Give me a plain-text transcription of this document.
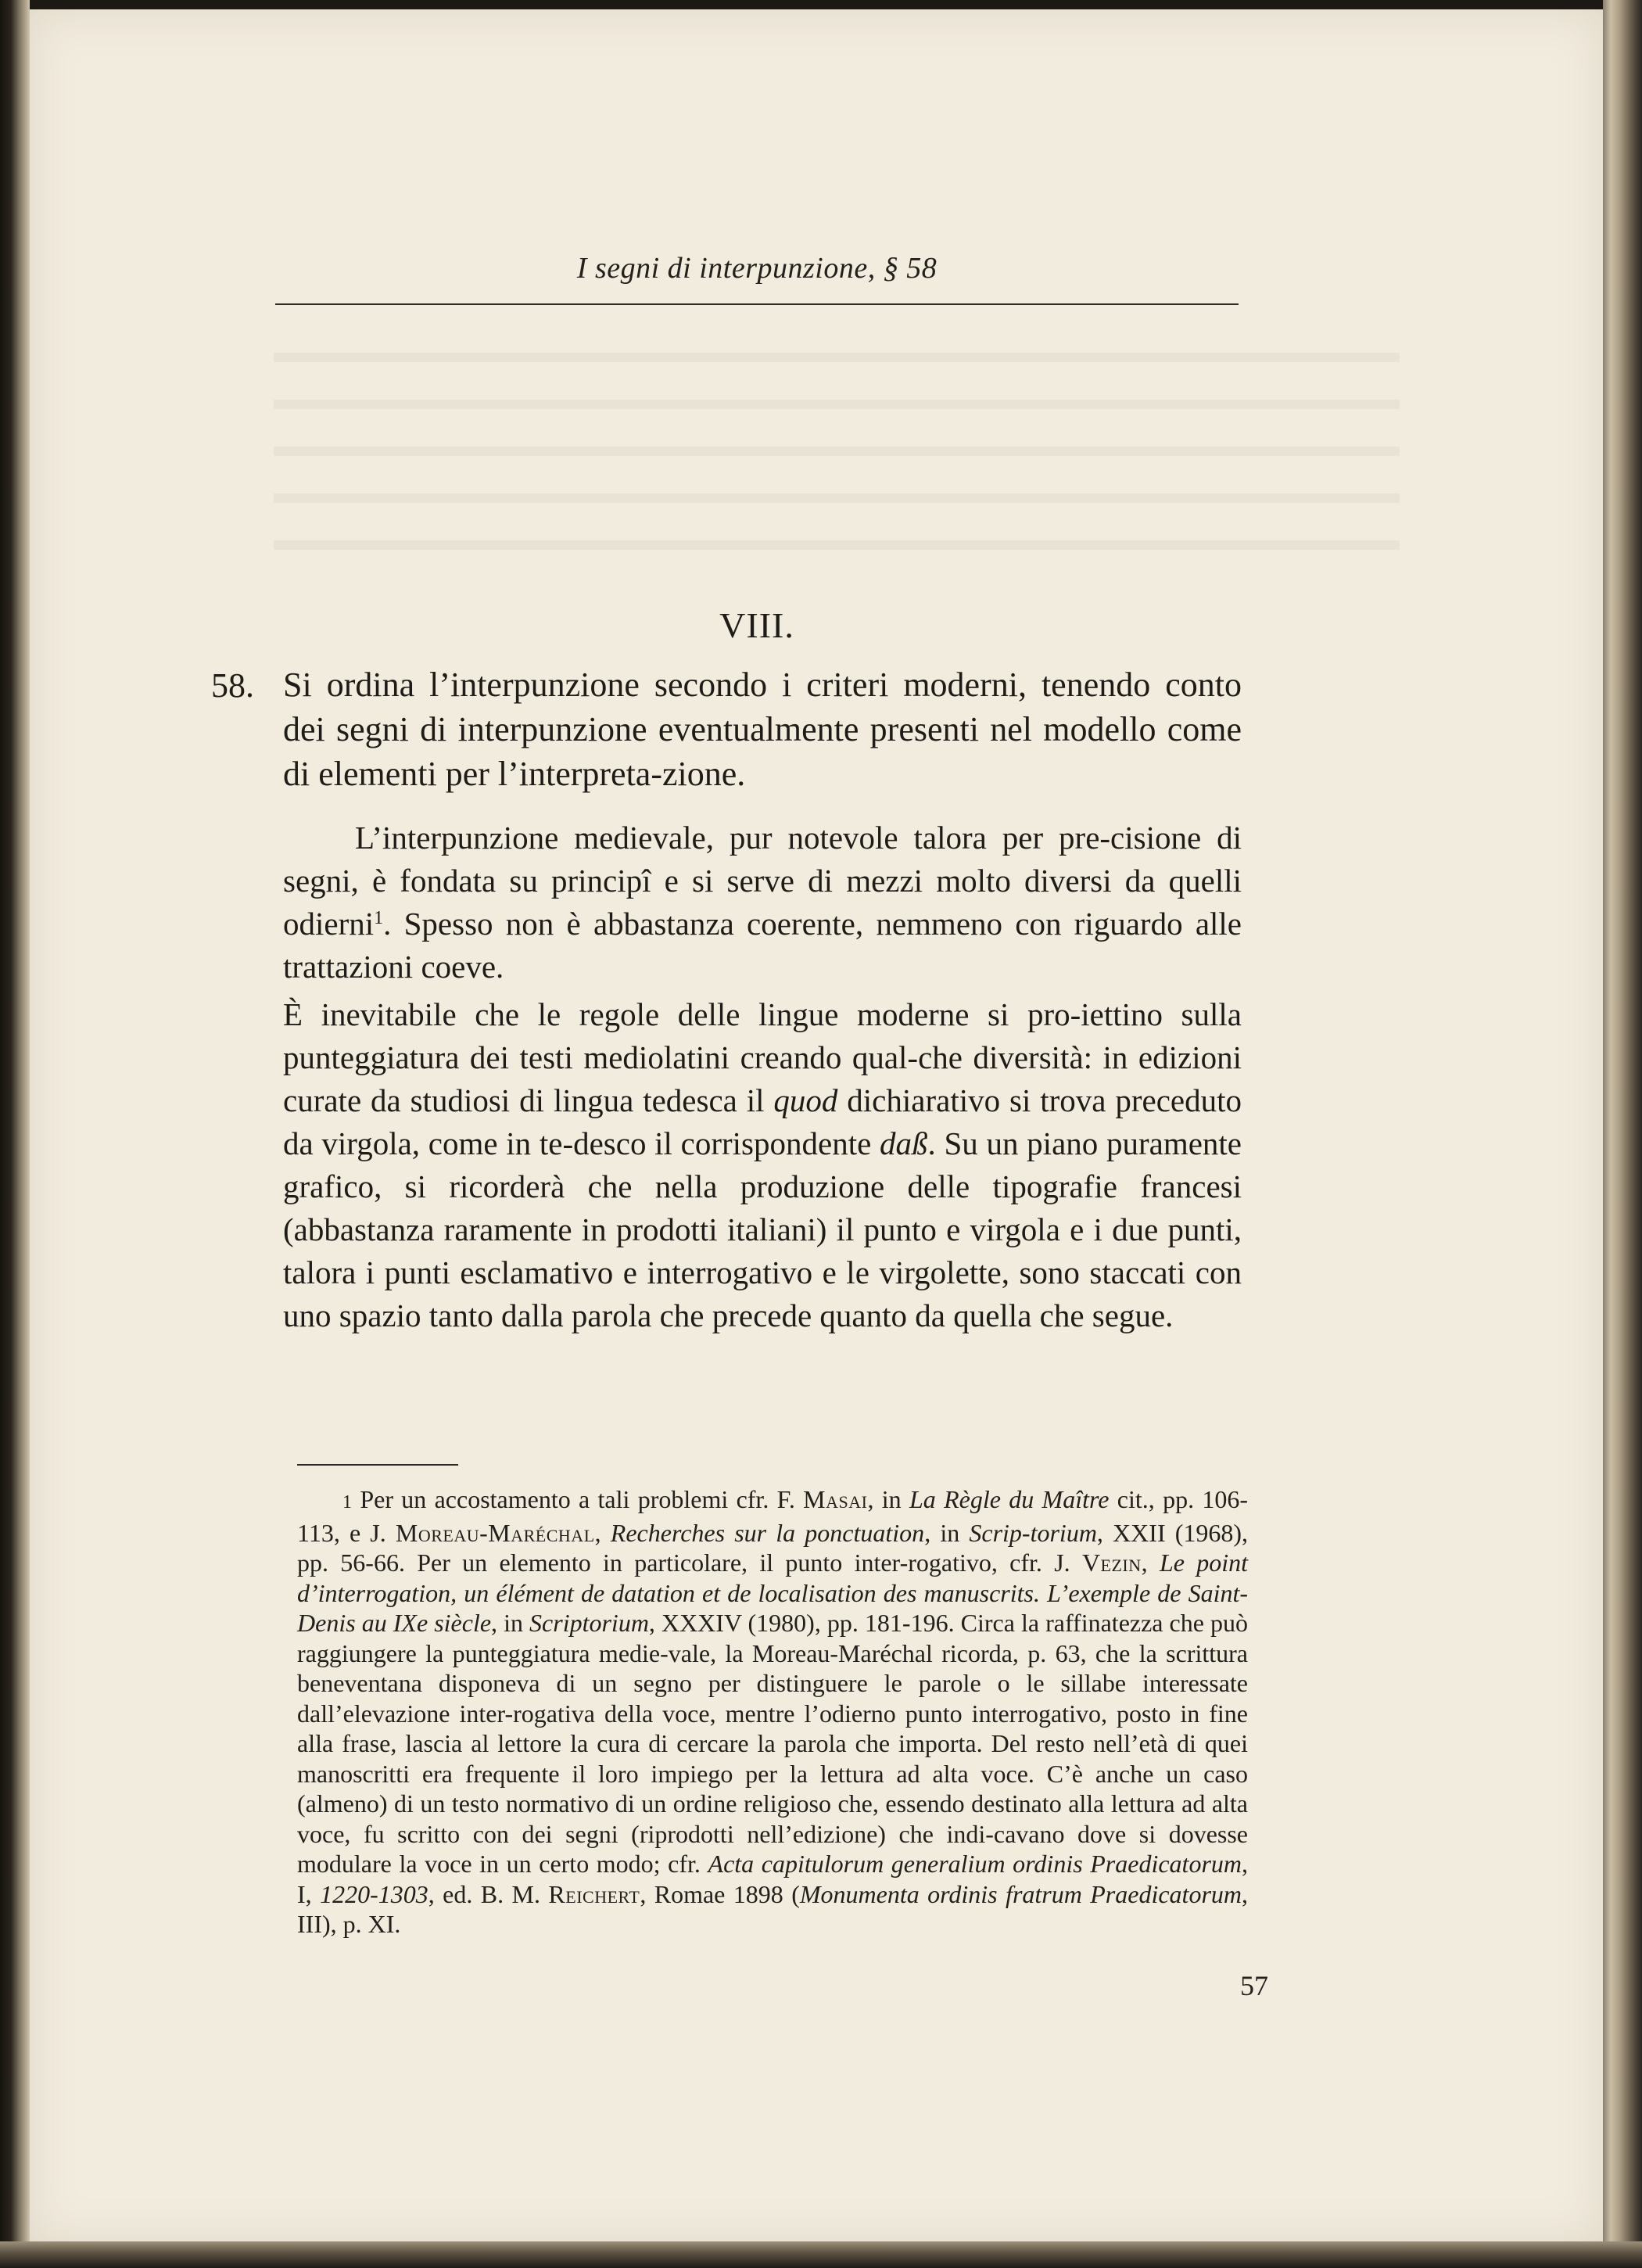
▬▬▬▬▬▬▬▬▬▬▬▬▬▬▬▬▬▬▬▬▬▬▬▬▬▬▬▬▬▬▬▬▬▬▬▬
▬▬▬▬▬▬▬▬▬▬▬▬▬▬▬▬▬▬▬▬▬▬▬▬▬▬▬▬▬▬▬▬▬▬▬▬
▬▬▬▬▬▬▬▬▬▬▬▬▬▬▬▬▬▬▬▬▬▬▬▬▬▬▬▬▬▬▬▬▬▬▬▬
▬▬▬▬▬▬▬▬▬▬▬▬▬▬▬▬▬▬▬▬▬▬▬▬▬▬▬▬▬▬▬▬▬▬▬▬
▬▬▬▬▬▬▬▬▬▬▬▬▬▬▬▬▬▬▬▬▬▬▬▬▬▬▬▬▬▬▬▬▬▬▬▬
I segni di interpunzione, § 58
VIII.
58. Si ordina l’interpunzione secondo i criteri moderni, tenendo conto dei segni di interpunzione eventualmente presenti nel modello come di elementi per l’interpreta-zione.

L’interpunzione medievale, pur notevole talora per pre-cisione di segni, è fondata su principî e si serve di mezzi molto diversi da quelli odierni$^1$. Spesso non è abbastanza coerente, nemmeno con riguardo alle trattazioni coeve.

È inevitabile che le regole delle lingue moderne si pro-iettino sulla punteggiatura dei testi mediolatini creando qual-che diversità: in edizioni curate da studiosi di lingua tedesca il quod dichiarativo si trova preceduto da virgola, come in te-desco il corrispondente daß. Su un piano puramente grafico, si ricorderà che nella produzione delle tipografie francesi (abbastanza raramente in prodotti italiani) il punto e virgola e i due punti, talora i punti esclamativo e interrogativo e le virgolette, sono staccati con uno spazio tanto dalla parola che precede quanto da quella che segue.

1 Per un accostamento a tali problemi cfr. F. Masai, in La Règle du Maître cit., pp. 106-113, e J. Moreau-Maréchal, Recherches sur la ponctuation, in Scrip-torium, XXII (1968), pp. 56-66. Per un elemento in particolare, il punto inter-rogativo, cfr. J. Vezin, Le point d’interrogation, un élément de datation et de localisation des manuscrits. L’exemple de Saint-Denis au IXe siècle, in Scriptorium, XXXIV (1980), pp. 181-196. Circa la raffinatezza che può raggiungere la punteggiatura medie-vale, la Moreau-Maréchal ricorda, p. 63, che la scrittura beneventana disponeva di un segno per distinguere le parole o le sillabe interessate dall’elevazione inter-rogativa della voce, mentre l’odierno punto interrogativo, posto in fine alla frase, lascia al lettore la cura di cercare la parola che importa. Del resto nell’età di quei manoscritti era frequente il loro impiego per la lettura ad alta voce. C’è anche un caso (almeno) di un testo normativo di un ordine religioso che, essendo destinato alla lettura ad alta voce, fu scritto con dei segni (riprodotti nell’edizione) che indi-cavano dove si dovesse modulare la voce in un certo modo; cfr. Acta capitulorum generalium ordinis Praedicatorum, I, 1220-1303, ed. B. M. Reichert, Romae 1898 (Monumenta ordinis fratrum Praedicatorum, III), p. XI.

57
